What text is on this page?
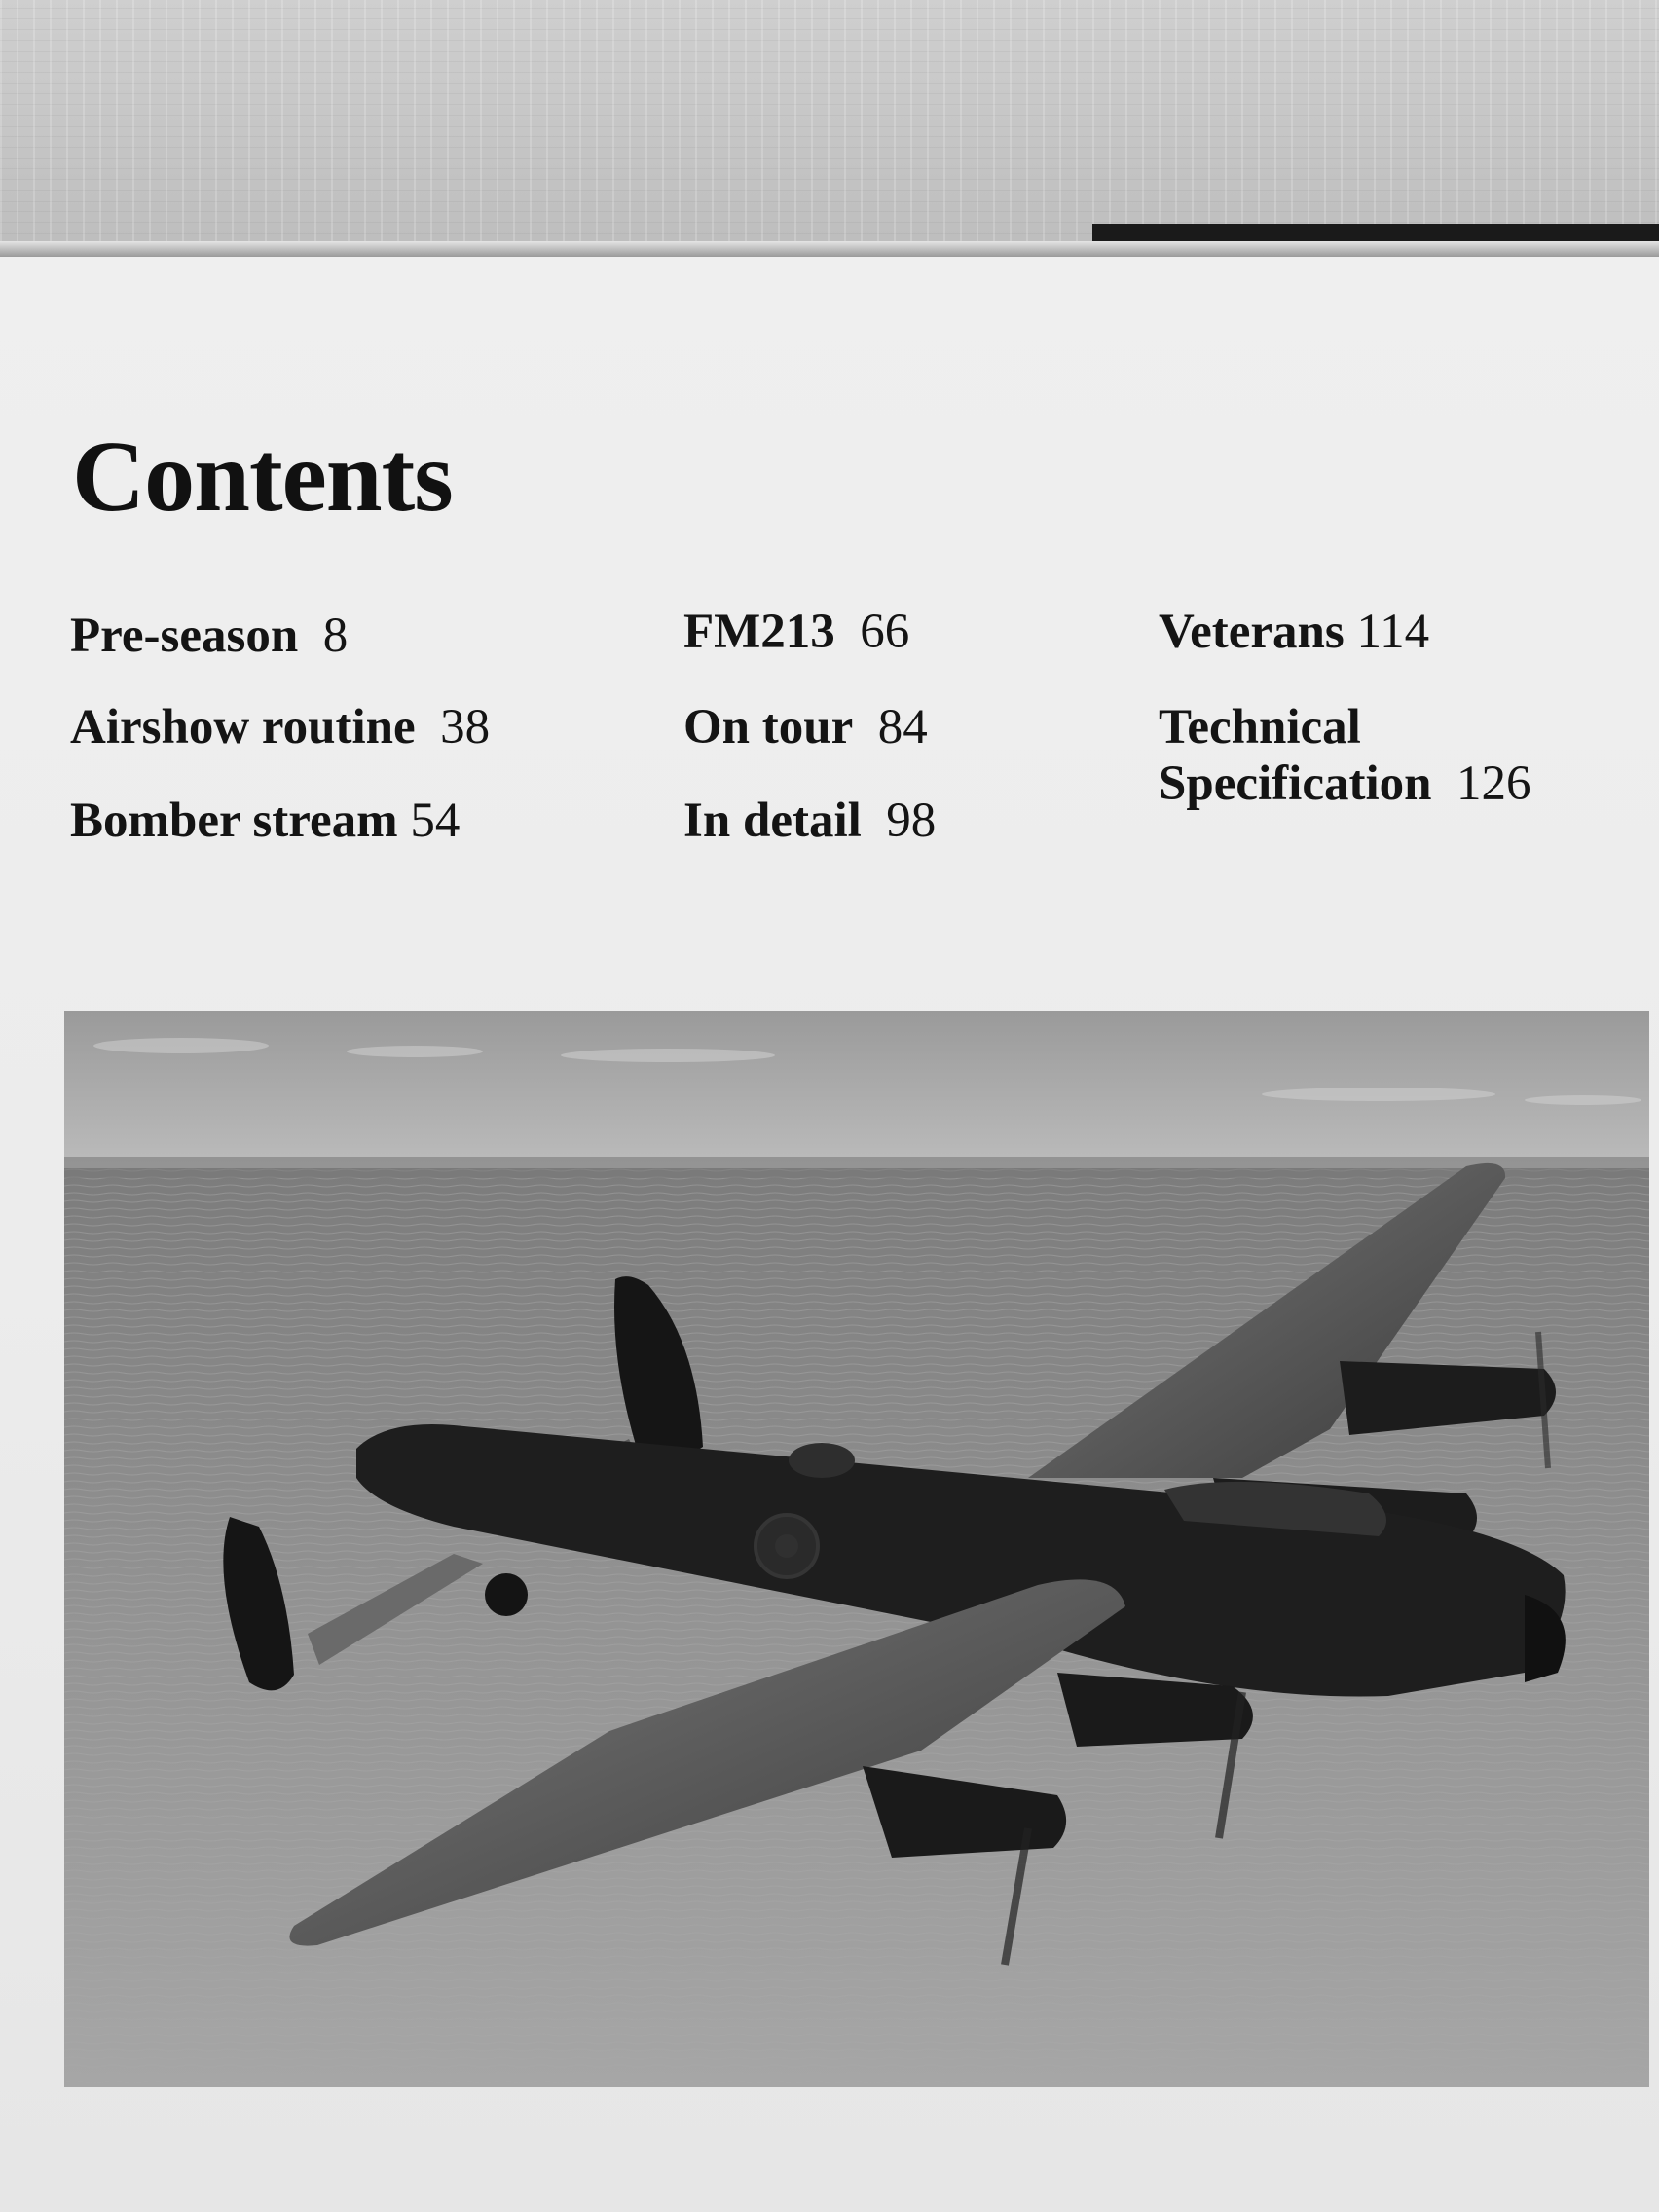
Contents
Pre-season 8
Airshow routine 38
Bomber stream 54
FM213 66
On tour 84
In detail 98
Veterans 114
Technical
Specification 126
